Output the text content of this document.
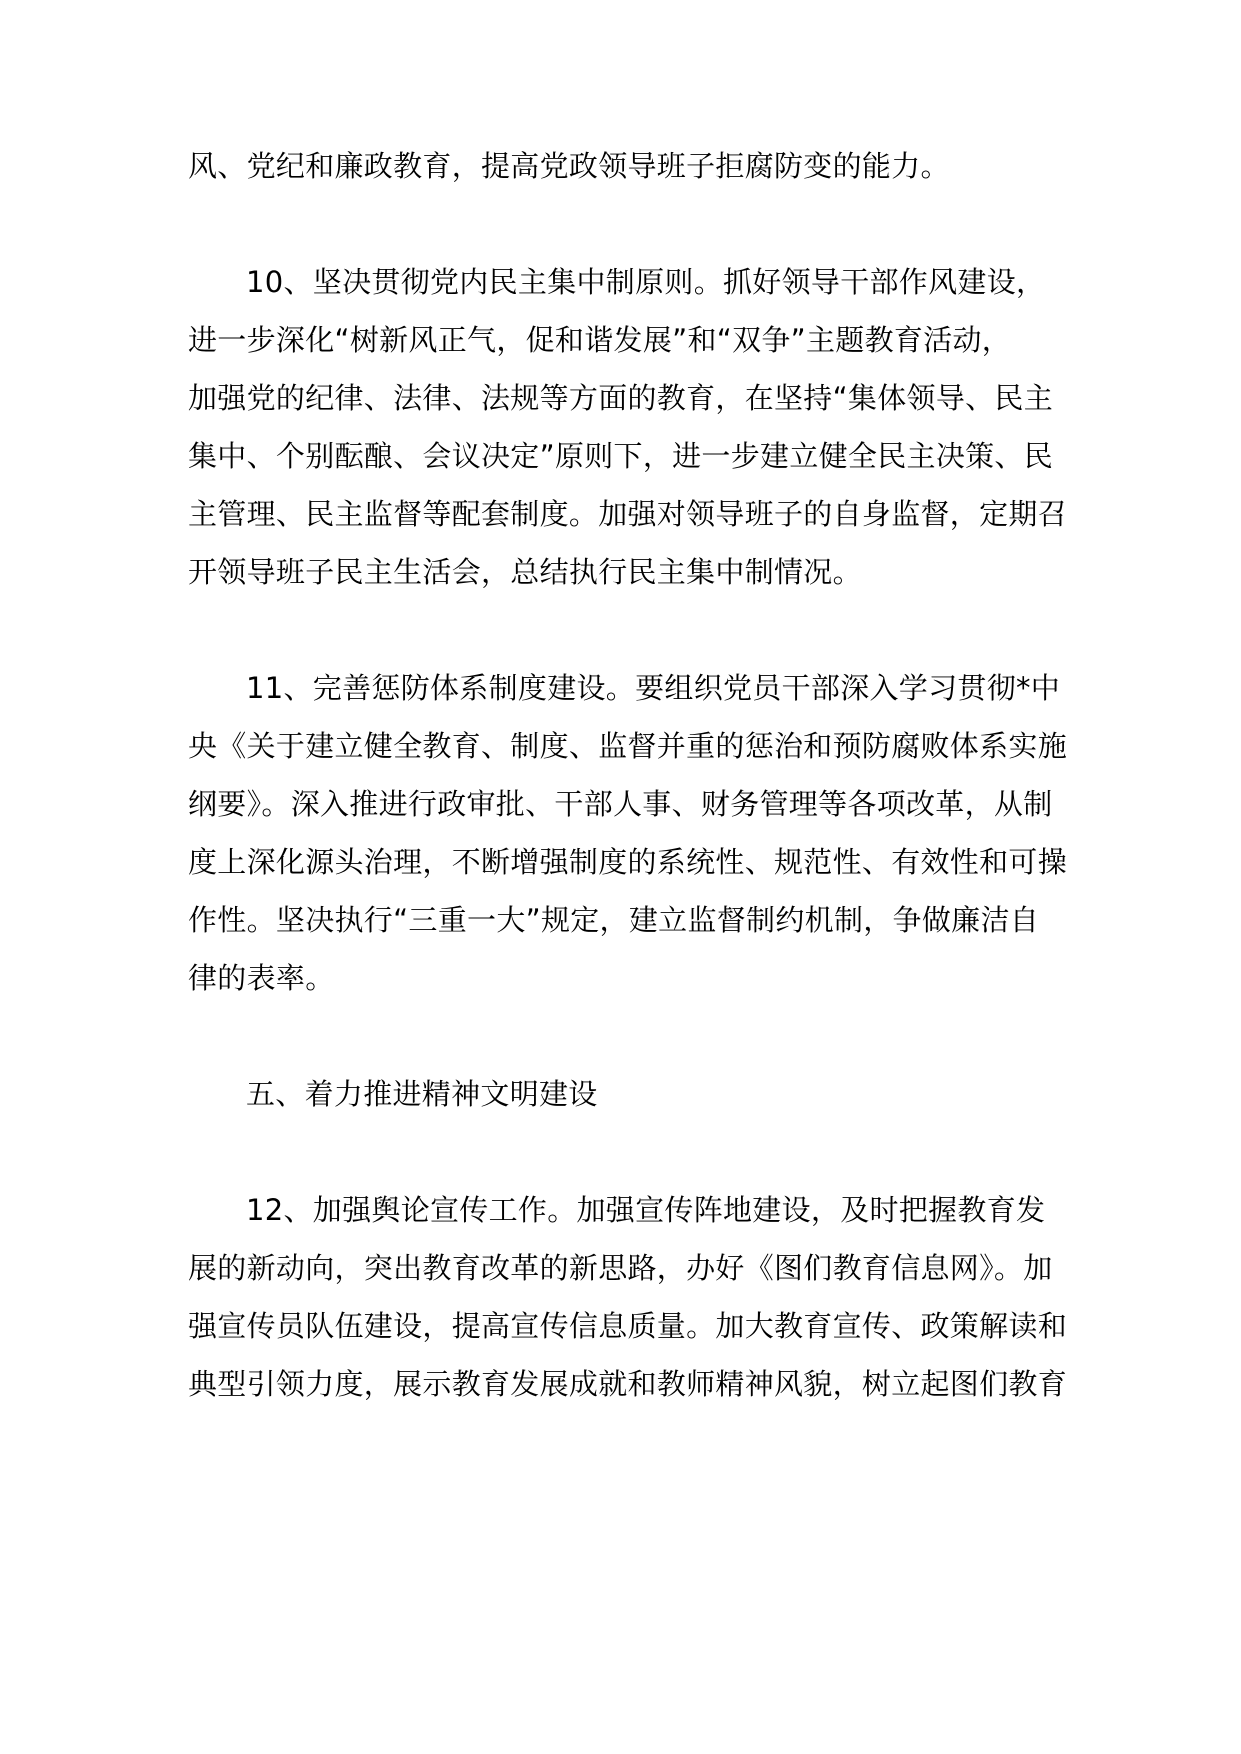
风、党纪和廉政教育，提高党政领导班子拒腐防变的能力。
10、坚决贯彻党内民主集中制原则。抓好领导干部作风建设，
进一步深化“树新风正气，促和谐发展”和“双争”主题教育活动，
加强党的纪律、法律、法规等方面的教育，在坚持“集体领导、民主
集中、个别酝酿、会议决定”原则下，进一步建立健全民主决策、民
主管理、民主监督等配套制度。加强对领导班子的自身监督，定期召
开领导班子民主生活会，总结执行民主集中制情况。
11、完善惩防体系制度建设。要组织党员干部深入学习贯彻*中
央《关于建立健全教育、制度、监督并重的惩治和预防腐败体系实施
纲要》。深入推进行政审批、干部人事、财务管理等各项改革，从制
度上深化源头治理，不断增强制度的系统性、规范性、有效性和可操
作性。坚决执行“三重一大”规定，建立监督制约机制，争做廉洁自
律的表率。
五、着力推进精神文明建设
12、加强舆论宣传工作。加强宣传阵地建设，及时把握教育发
展的新动向，突出教育改革的新思路，办好《图们教育信息网》。加
强宣传员队伍建设，提高宣传信息质量。加大教育宣传、政策解读和
典型引领力度，展示教育发展成就和教师精神风貌，树立起图们教育
